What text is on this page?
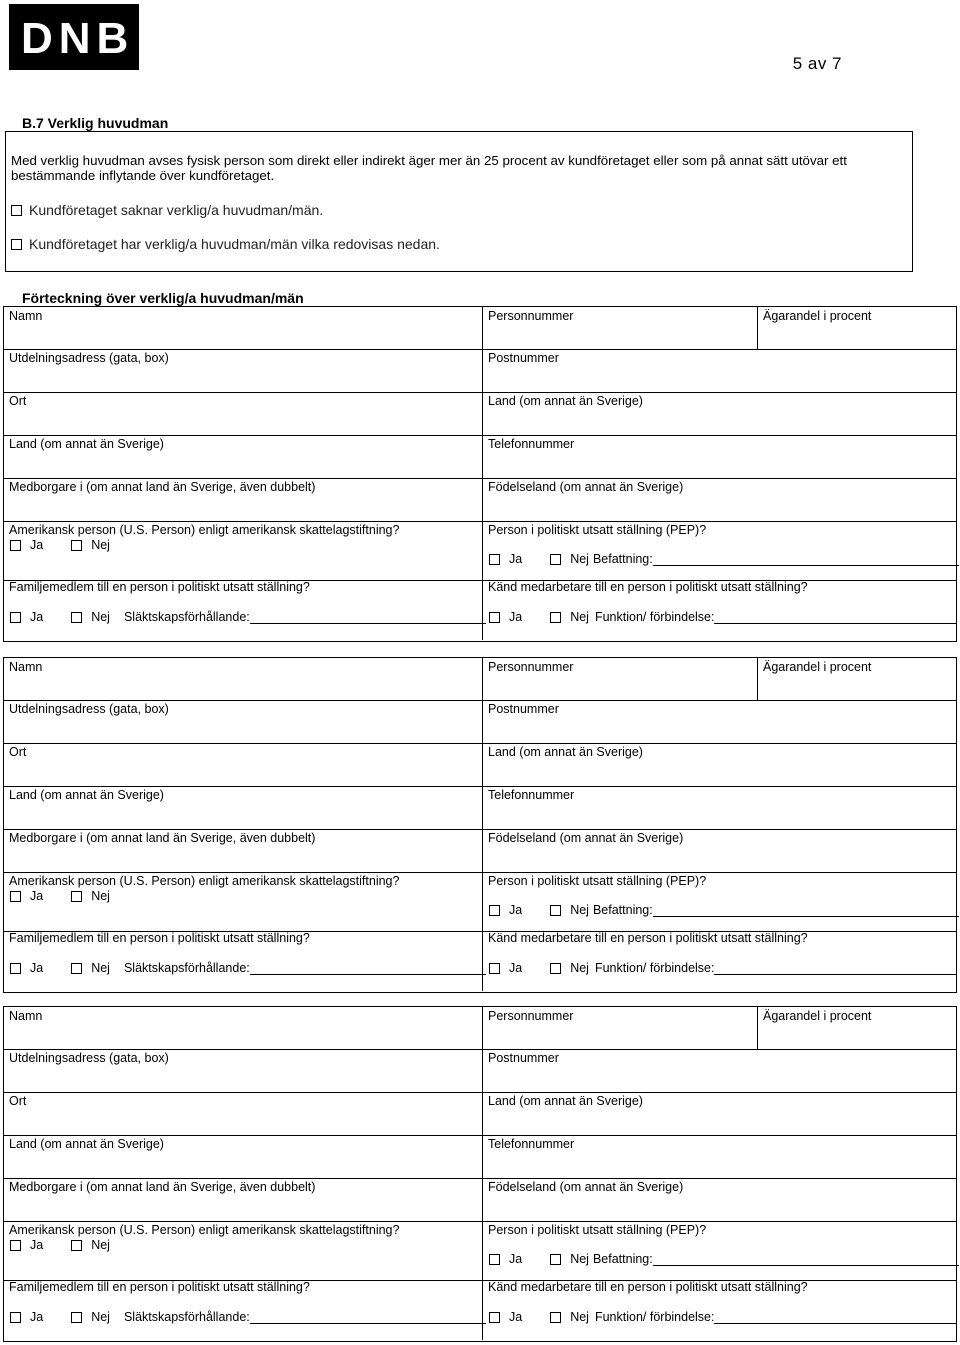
DNB
5 av 7
B.7 Verklig huvudman
Med verklig huvudman avses fysisk person som direkt eller indirekt äger mer än 25 procent av kundföretaget eller som på annat sätt utövar ett bestämmande inflytande över kundföretaget.
Kundföretaget saknar verklig/a huvudman/män.
Kundföretaget har verklig/a huvudman/män vilka redovisas nedan.
Förteckning över verklig/a huvudman/män
Namn	Personnummer	Ägarandel i procent
Utdelningsadress (gata, box)	Postnummer
Ort	Land (om annat än Sverige)
Land (om annat än Sverige)	Telefonnummer
Medborgare i (om annat land än Sverige, även dubbelt)	Födelseland (om annat än Sverige)
Amerikansk person (U.S. Person) enligt amerikansk skattelagstiftning?
Ja	Nej
Person i politiskt utsatt ställning (PEP)?
Ja	Nej Befattning:
Familjemedlem till en person i politiskt utsatt ställning?
Ja	Nej Släktskapsförhållande:
Känd medarbetare till en person i politiskt utsatt ställning?
Ja	Nej Funktion/ förbindelse:
Namn	Personnummer	Ägarandel i procent
Utdelningsadress (gata, box)	Postnummer
Ort	Land (om annat än Sverige)
Land (om annat än Sverige)	Telefonnummer
Medborgare i (om annat land än Sverige, även dubbelt)	Födelseland (om annat än Sverige)
Amerikansk person (U.S. Person) enligt amerikansk skattelagstiftning?
Ja	Nej
Person i politiskt utsatt ställning (PEP)?
Ja	Nej Befattning:
Familjemedlem till en person i politiskt utsatt ställning?
Ja	Nej Släktskapsförhållande:
Känd medarbetare till en person i politiskt utsatt ställning?
Ja	Nej Funktion/ förbindelse:
Namn	Personnummer	Ägarandel i procent
Utdelningsadress (gata, box)	Postnummer
Ort	Land (om annat än Sverige)
Land (om annat än Sverige)	Telefonnummer
Medborgare i (om annat land än Sverige, även dubbelt)	Födelseland (om annat än Sverige)
Amerikansk person (U.S. Person) enligt amerikansk skattelagstiftning?
Ja	Nej
Person i politiskt utsatt ställning (PEP)?
Ja	Nej Befattning:
Familjemedlem till en person i politiskt utsatt ställning?
Ja	Nej Släktskapsförhållande:
Känd medarbetare till en person i politiskt utsatt ställning?
Ja	Nej Funktion/ förbindelse:
